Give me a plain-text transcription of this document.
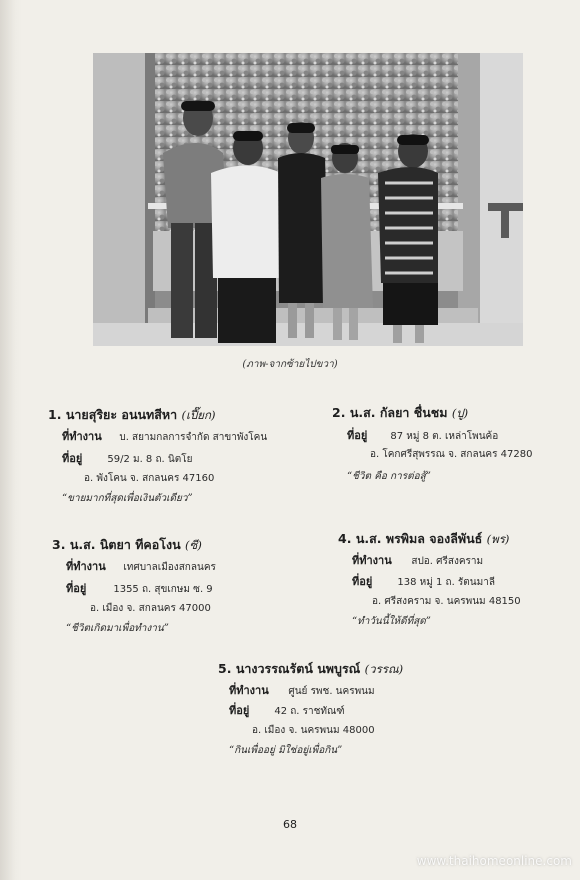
(ภาพ-จากซ้ายไปขวา)
1. นายสุริยะ อนนทสีหา (เปี๊ยก)
ที่ทำงาน บ. สยามกลการจำกัด สาขาพังโคน
ที่อยู่	59/2 ม. 8 ถ. นิตโย
อ. พังโคน จ. สกลนคร 47160
“ขายมากที่สุดเพื่อเงินตัวเดียว”
2. น.ส. กัลยา ชื่นชม (ปู)
ที่อยู่ 87 หมู่ 8 ต. เหล่าโพนค้อ
อ. โคกศรีสุพรรณ จ. สกลนคร 47280
“ชีวิต คือ การต่อสู้”
3. น.ส. นิตยา ทีคอโงน (ซี)
ที่ทำงาน เทศบาลเมืองสกลนคร
ที่อยู่	1355 ถ. สุขเกษม ซ. 9
อ. เมือง จ. สกลนคร 47000
“ชีวิตเกิดมาเพื่อทำงาน”
4. น.ส. พรพิมล จองลีพันธ์ (พร)
ที่ทำงาน สปอ. ศรีสงคราม
ที่อยู่	138 หมู่ 1 ถ. รัตนมาลี
อ. ศรีสงคราม จ. นครพนม 48150
“ทำวันนี้ให้ดีที่สุด”
5. นางวรรณรัตน์ นพบูรณ์ (วรรณ)
ที่ทำงาน ศูนย์ รพช. นครพนม
ที่อยู่	42 ถ. ราชทัณฑ์
อ. เมือง จ. นครพนม 48000
“กินเพื่ออยู่ มิใช่อยู่เพื่อกิน”
68
www.thaihomeonline.com
